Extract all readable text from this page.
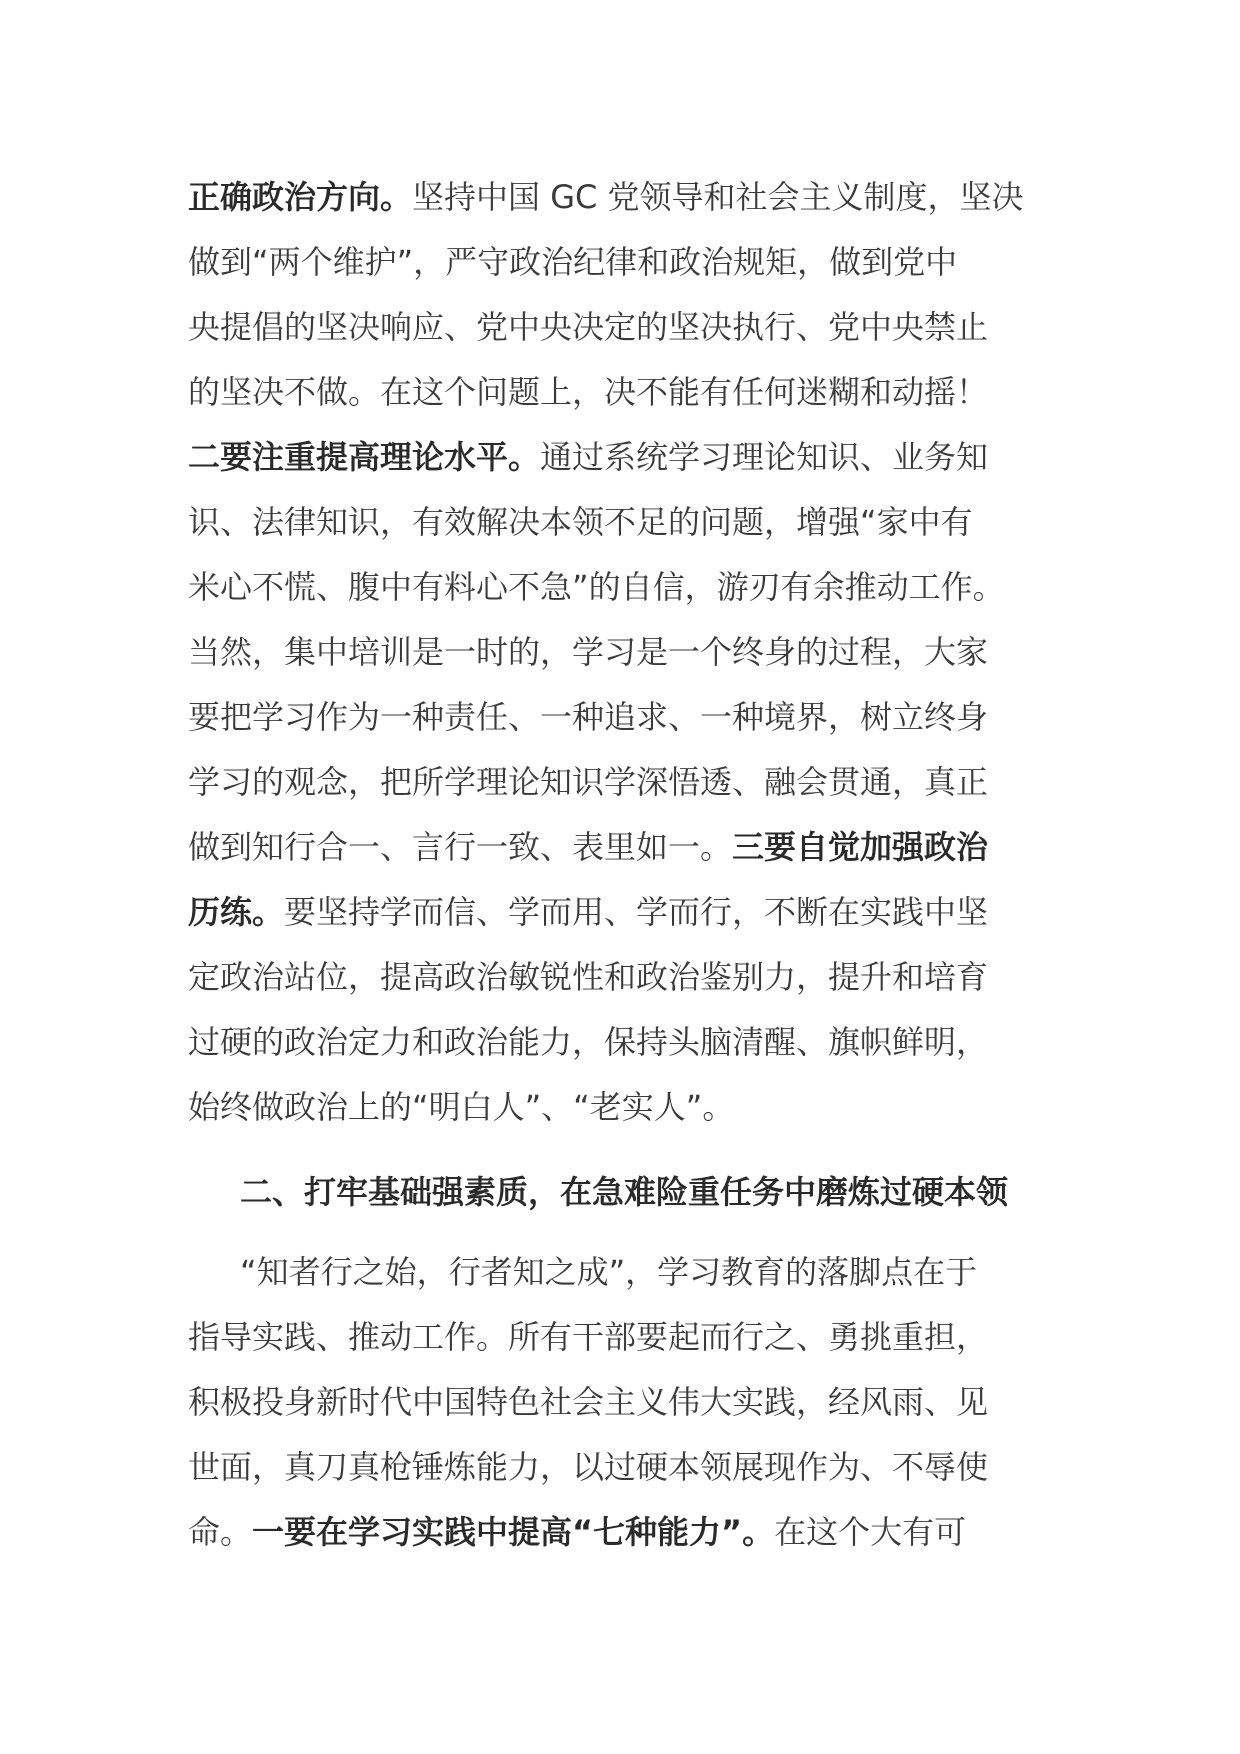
正确政治方向。坚持中国 GC 党领导和社会主义制度，坚决

做到“两个维护”，严守政治纪律和政治规矩，做到党中

央提倡的坚决响应、党中央决定的坚决执行、党中央禁止

的坚决不做。在这个问题上，决不能有任何迷糊和动摇！

二要注重提高理论水平。通过系统学习理论知识、业务知

识、法律知识，有效解决本领不足的问题，增强“家中有

米心不慌、腹中有料心不急”的自信，游刃有余推动工作。

当然，集中培训是一时的，学习是一个终身的过程，大家

要把学习作为一种责任、一种追求、一种境界，树立终身

学习的观念，把所学理论知识学深悟透、融会贯通，真正

做到知行合一、言行一致、表里如一。三要自觉加强政治

历练。要坚持学而信、学而用、学而行，不断在实践中坚

定政治站位，提高政治敏锐性和政治鉴别力，提升和培育

过硬的政治定力和政治能力，保持头脑清醒、旗帜鲜明，

始终做政治上的“明白人”、“老实人”。

二、打牢基础强素质，在急难险重任务中磨炼过硬本领

“知者行之始，行者知之成”，学习教育的落脚点在于

指导实践、推动工作。所有干部要起而行之、勇挑重担，

积极投身新时代中国特色社会主义伟大实践，经风雨、见

世面，真刀真枪锤炼能力，以过硬本领展现作为、不辱使

命。一要在学习实践中提高“七种能力”。在这个大有可
